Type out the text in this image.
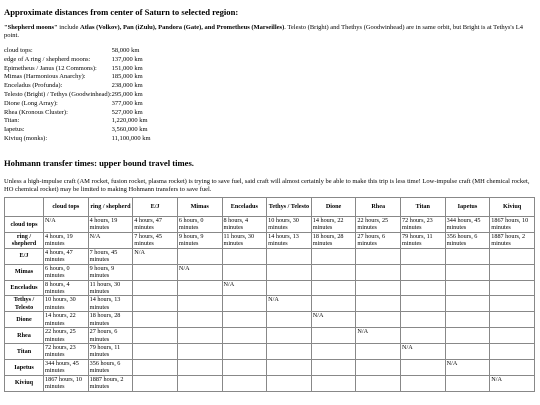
Approximate distances from center of Saturn to selected region:

"Shepherd moons" include Atlas (Volkov), Pan (iZulu), Pandora (Gate), and Prometheus (Marseilles). Telesto (Bright) and Thethys (Goodwinhead) are in same orbit, but Bright is at Tethys's L4 point.

cloud tops:	58,000 km
edge of A ring / shepherd moons:	137,000 km
Epimetheus / Janus (12 Commons):	151,000 km
Mimas (Harmonious Anarchy):	185,000 km
Enceladus (Profunda):	238,000 km
Telesto (Bright) / Tethys (Goodwinhead):	295,000 km
Dione (Long Array):	377,000 km
Rhea (Kronous Cluster):	527,000 km
Titan:	1,220,000 km
Iapetus:	3,560,000 km
Kiviuq (monks):	11,100,000 km
Hohmann transfer times: upper bound travel times.

Unless a high-impulse craft (AM rocket, fusion rocket, plasma rocket) is trying to save fuel, said craft will almost certainly be able to make this trip is less time! Low-impulse craft (MH chemical rocket, HO chemical rocket) may be limited to making Hohmann transfers to save fuel.

	cloud tops	ring / shepherd	E/J	Mimas	Enceladus	Tethys / Telesto	Dione	Rhea	Titan	Iapetus	Kiviuq
cloud tops	N/A	4 hours, 19 minutes	4 hours, 47 minutes	6 hours, 0 minutes	8 hours, 4 minutes	10 hours, 30 minutes	14 hours, 22 minutes	22 hours, 25 minutes	72 hours, 23 minutes	344 hours, 45 minutes	1867 hours, 10 minutes
ring / shepherd	4 hours, 19 minutes	N/A	7 hours, 45 minutes	9 hours, 9 minutes	11 hours, 30 minutes	14 hours, 13 minutes	18 hours, 28 minutes	27 hours, 6 minutes	79 hours, 11 minutes	356 hours, 6 minutes	1887 hours, 2 minutes
E/J	4 hours, 47 minutes	7 hours, 45 minutes	N/A								
Mimas	6 hours, 0 minutes	9 hours, 9 minutes		N/A							
Enceladus	8 hours, 4 minutes	11 hours, 30 minutes			N/A						
Tethys / Telesto	10 hours, 30 minutes	14 hours, 13 minutes				N/A					
Dione	14 hours, 22 minutes	18 hours, 28 minutes					N/A				
Rhea	22 hours, 25 minutes	27 hours, 6 minutes						N/A			
Titan	72 hours, 23 minutes	79 hours, 11 minutes							N/A		
Iapetus	344 hours, 45 minutes	356 hours, 6 minutes								N/A	
Kiviuq	1867 hours, 10 minutes	1887 hours, 2 minutes									N/A
